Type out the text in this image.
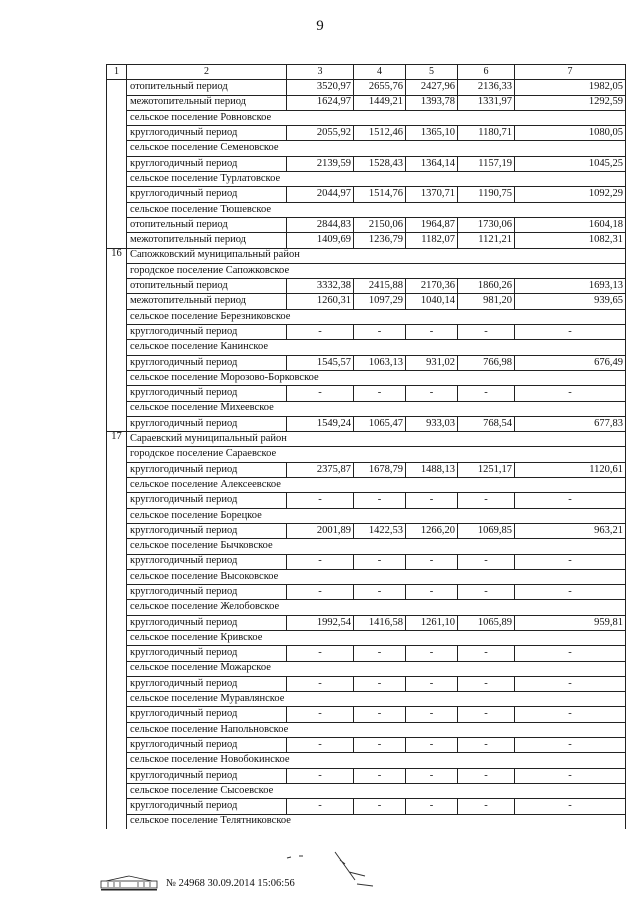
9
1	2	3	4	5	6	7
	отопительный период	3520,97	2655,76	2427,96	2136,33	1982,05
	межотопительный период	1624,97	1449,21	1393,78	1331,97	1292,59
	сельское поселение Ровновское					
	круглогодичный период	2055,92	1512,46	1365,10	1180,71	1080,05
	сельское поселение Семеновское					
	круглогодичный период	2139,59	1528,43	1364,14	1157,19	1045,25
	сельское поселение Турлатовское					
	круглогодичный период	2044,97	1514,76	1370,71	1190,75	1092,29
	сельское поселение Тюшевское					
	отопительный период	2844,83	2150,06	1964,87	1730,06	1604,18
	межотопительный период	1409,69	1236,79	1182,07	1121,21	1082,31
16	Сапожковский муниципальный район					
	городское поселение Сапожковское					
	отопительный период	3332,38	2415,88	2170,36	1860,26	1693,13
	межотопительный период	1260,31	1097,29	1040,14	981,20	939,65
	сельское поселение Березниковское					
	круглогодичный период	-	-	-	-	-
	сельское поселение Канинское					
	круглогодичный период	1545,57	1063,13	931,02	766,98	676,49
	сельское поселение Морозово-Борковское					
	круглогодичный период	-	-	-	-	-
	сельское поселение Михеевское					
	круглогодичный период	1549,24	1065,47	933,03	768,54	677,83
17	Сараевский муниципальный район					
	городское поселение Сараевское					
	круглогодичный период	2375,87	1678,79	1488,13	1251,17	1120,61
	сельское поселение Алексеевское					
	круглогодичный период	-	-	-	-	-
	сельское поселение Борецкое					
	круглогодичный период	2001,89	1422,53	1266,20	1069,85	963,21
	сельское поселение Бычковское					
	круглогодичный период	-	-	-	-	-
	сельское поселение Высоковское					
	круглогодичный период	-	-	-	-	-
	сельское поселение Желобовское					
	круглогодичный период	1992,54	1416,58	1261,10	1065,89	959,81
	сельское поселение Кривское					
	круглогодичный период	-	-	-	-	-
	сельское поселение Можарское					
	круглогодичный период	-	-	-	-	-
	сельское поселение Муравлянское					
	круглогодичный период	-	-	-	-	-
	сельское поселение Напольновское					
	круглогодичный период	-	-	-	-	-
	сельское поселение Новобокинское					
	круглогодичный период	-	-	-	-	-
	сельское поселение Сысоевское					
	круглогодичный период	-	-	-	-	-
	сельское поселение Телятниковское					
№ 24968 30.09.2014 15:06:56
